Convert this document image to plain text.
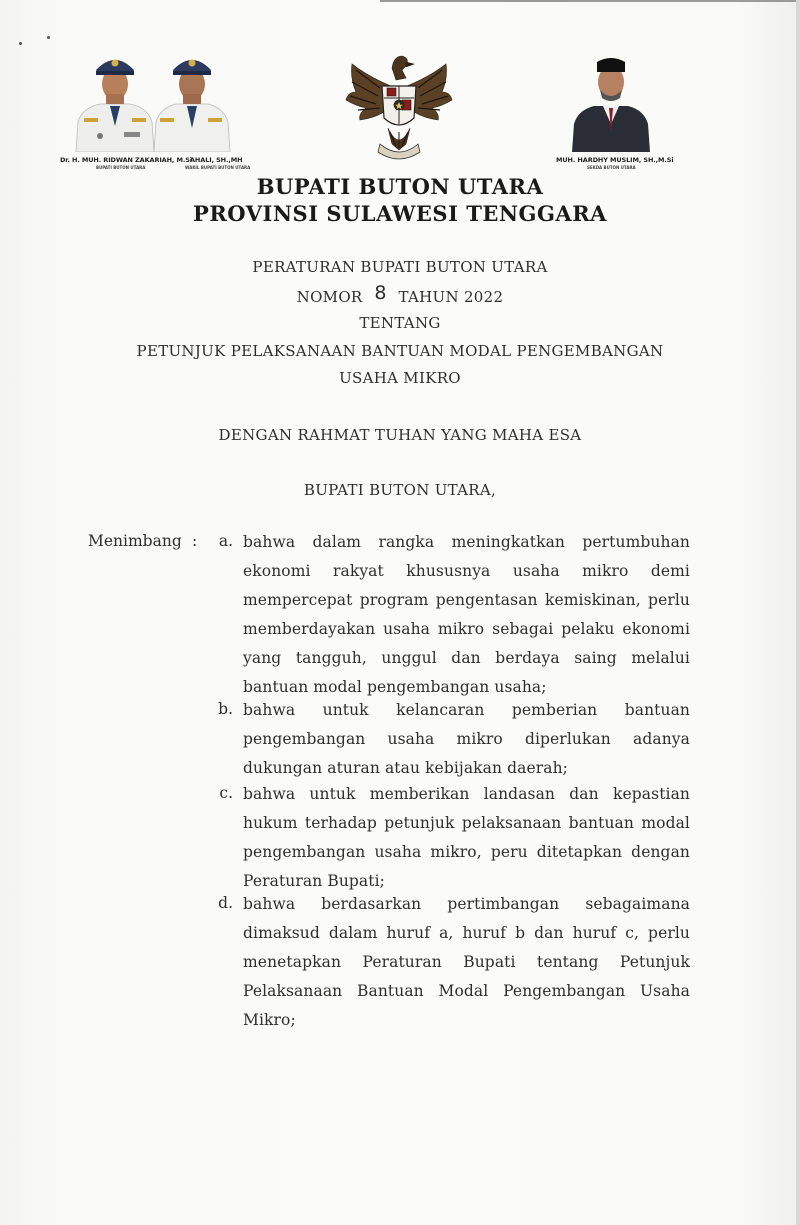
Dr. H. MUH. RIDWAN ZAKARIAH, M.Si
BUPATI BUTON UTARA
AHALI, SH.,MH
WAKIL BUPATI BUTON UTARA
MUH. HARDHY MUSLIM, SH.,M.Si
SEKDA BUTON UTARA
BUPATI BUTON UTARA
PROVINSI SULAWESI TENGGARA
PERATURAN BUPATI BUTON UTARA
NOMOR 8 TAHUN 2022
TENTANG
PETUNJUK PELAKSANAAN BANTUAN MODAL PENGEMBANGAN
USAHA MIKRO
DENGAN RAHMAT TUHAN YANG MAHA ESA
BUPATI BUTON UTARA,
Menimbang :	a. bahwa dalam rangka meningkatkan pertumbuhan ekonomi rakyat khususnya usaha mikro demi mempercepat program pengentasan kemiskinan, perlu memberdayakan usaha mikro sebagai pelaku ekonomi yang tangguh, unggul dan berdaya saing melalui bantuan modal pengembangan usaha;
b. bahwa untuk kelancaran pemberian bantuan pengembangan usaha mikro diperlukan adanya dukungan aturan atau kebijakan daerah;
c. bahwa untuk memberikan landasan dan kepastian hukum terhadap petunjuk pelaksanaan bantuan modal pengembangan usaha mikro, peru ditetapkan dengan Peraturan Bupati;
d. bahwa berdasarkan pertimbangan sebagaimana dimaksud dalam huruf a, huruf b dan huruf c, perlu menetapkan Peraturan Bupati tentang Petunjuk Pelaksanaan Bantuan Modal Pengembangan Usaha Mikro;
